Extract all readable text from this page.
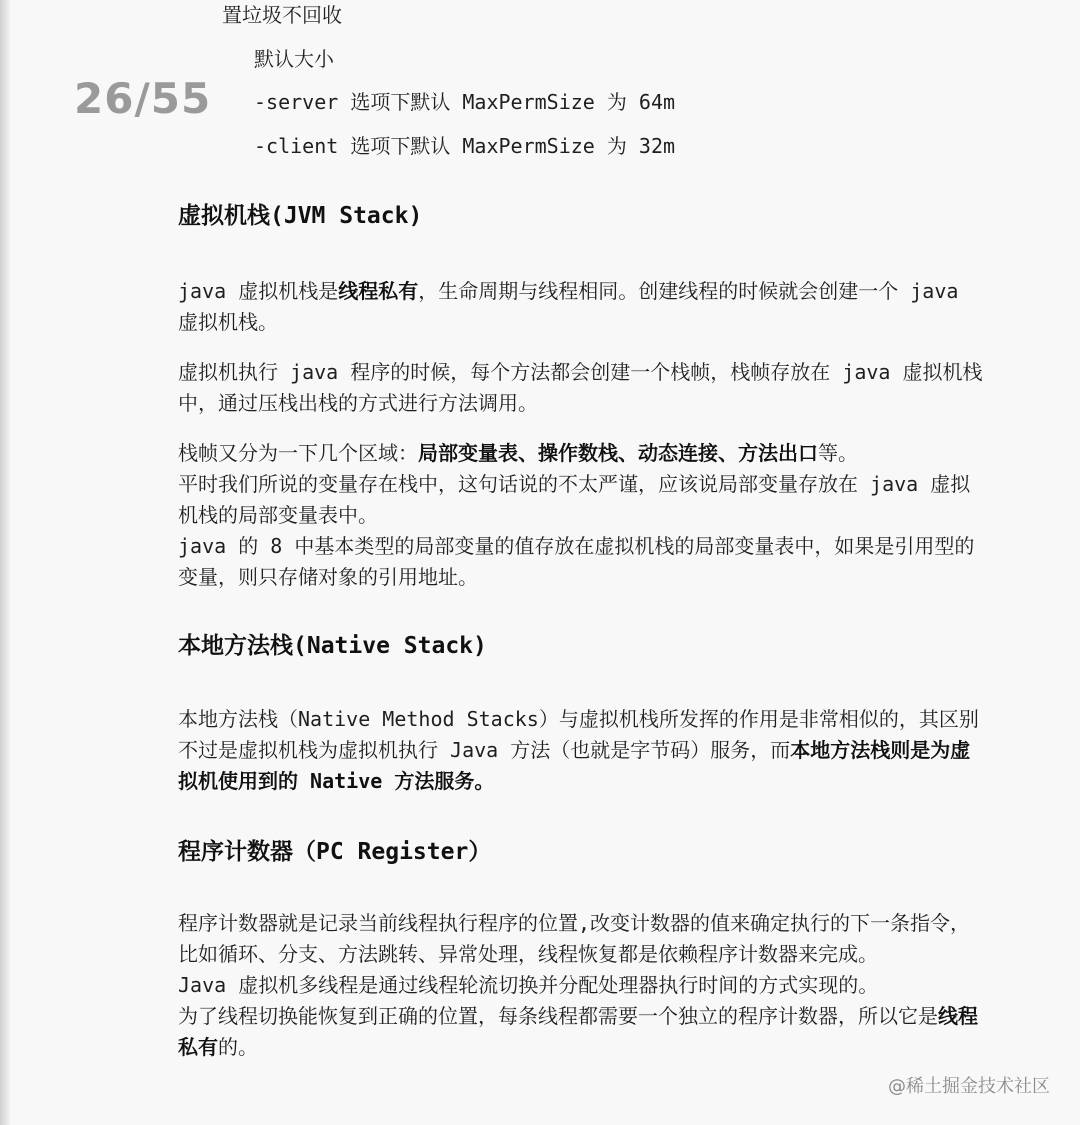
26/55
置垃圾不回收
默认大小
-server 选项下默认 MaxPermSize 为 64m
-client 选项下默认 MaxPermSize 为 32m
虚拟机栈(JVM Stack)
java 虚拟机栈是线程私有，生命周期与线程相同。创建线程的时候就会创建一个 java 虚拟机栈。
虚拟机执行 java 程序的时候，每个方法都会创建一个栈帧，栈帧存放在 java 虚拟机栈中，通过压栈出栈的方式进行方法调用。
栈帧又分为一下几个区域：局部变量表、操作数栈、动态连接、方法出口等。
平时我们所说的变量存在栈中，这句话说的不太严谨，应该说局部变量存放在 java 虚拟机栈的局部变量表中。
java 的 8 中基本类型的局部变量的值存放在虚拟机栈的局部变量表中，如果是引用型的变量，则只存储对象的引用地址。
本地方法栈(Native Stack)
本地方法栈（Native Method Stacks）与虚拟机栈所发挥的作用是非常相似的，其区别不过是虚拟机栈为虚拟机执行 Java 方法（也就是字节码）服务，而本地方法栈则是为虚拟机使用到的 Native 方法服务。
程序计数器（PC Register）
程序计数器就是记录当前线程执行程序的位置,改变计数器的值来确定执行的下一条指令，比如循环、分支、方法跳转、异常处理，线程恢复都是依赖程序计数器来完成。
Java 虚拟机多线程是通过线程轮流切换并分配处理器执行时间的方式实现的。
为了线程切换能恢复到正确的位置，每条线程都需要一个独立的程序计数器，所以它是线程私有的。
@稀土掘金技术社区
